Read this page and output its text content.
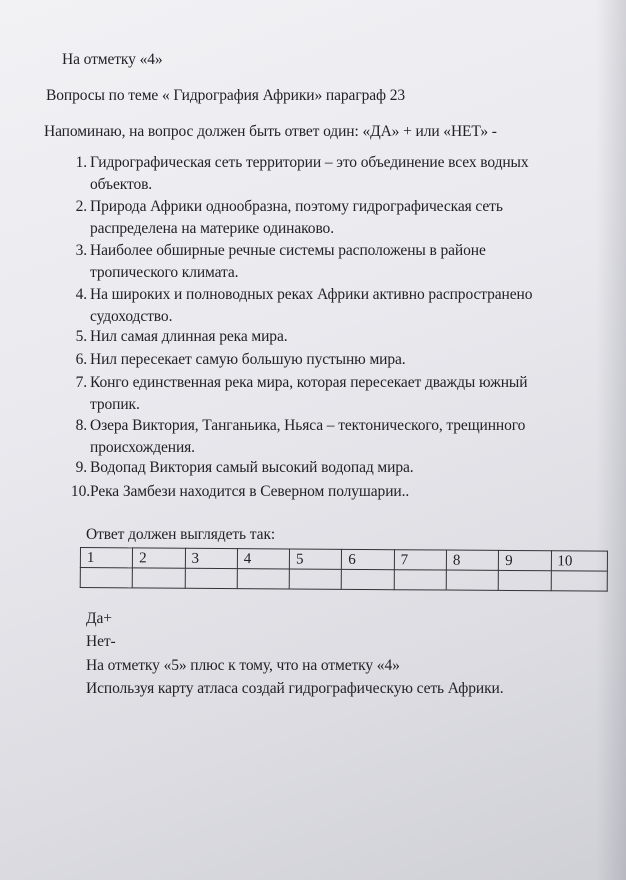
На отметку «4»
Вопросы по теме « Гидрография Африки» параграф 23
Напоминаю, на вопрос должен быть ответ один: «ДА» + или «НЕТ» -
1. Гидрографическая сеть территории – это объединение всех водных
объектов.
2. Природа Африки однообразна, поэтому гидрографическая сеть
распределена на материке одинаково.
3. Наиболее обширные речные системы расположены в районе
тропического климата.
4. На широких и полноводных реках Африки активно распространено
судоходство.
5. Нил самая длинная река мира.
6. Нил пересекает самую большую пустыню мира.
7. Конго единственная река мира, которая пересекает дважды южный
тропик.
8. Озера Виктория, Танганьика, Ньяса – тектонического, трещинного
происхождения.
9. Водопад Виктория самый высокий водопад мира.
10.Река Замбези находится в Северном полушарии..
Ответ должен выглядеть так:
1	2	3	4	5	6	7	8	9	10

Да+
Нет-
На отметку «5» плюс к тому, что на отметку «4»
Используя карту атласа создай гидрографическую сеть Африки.
